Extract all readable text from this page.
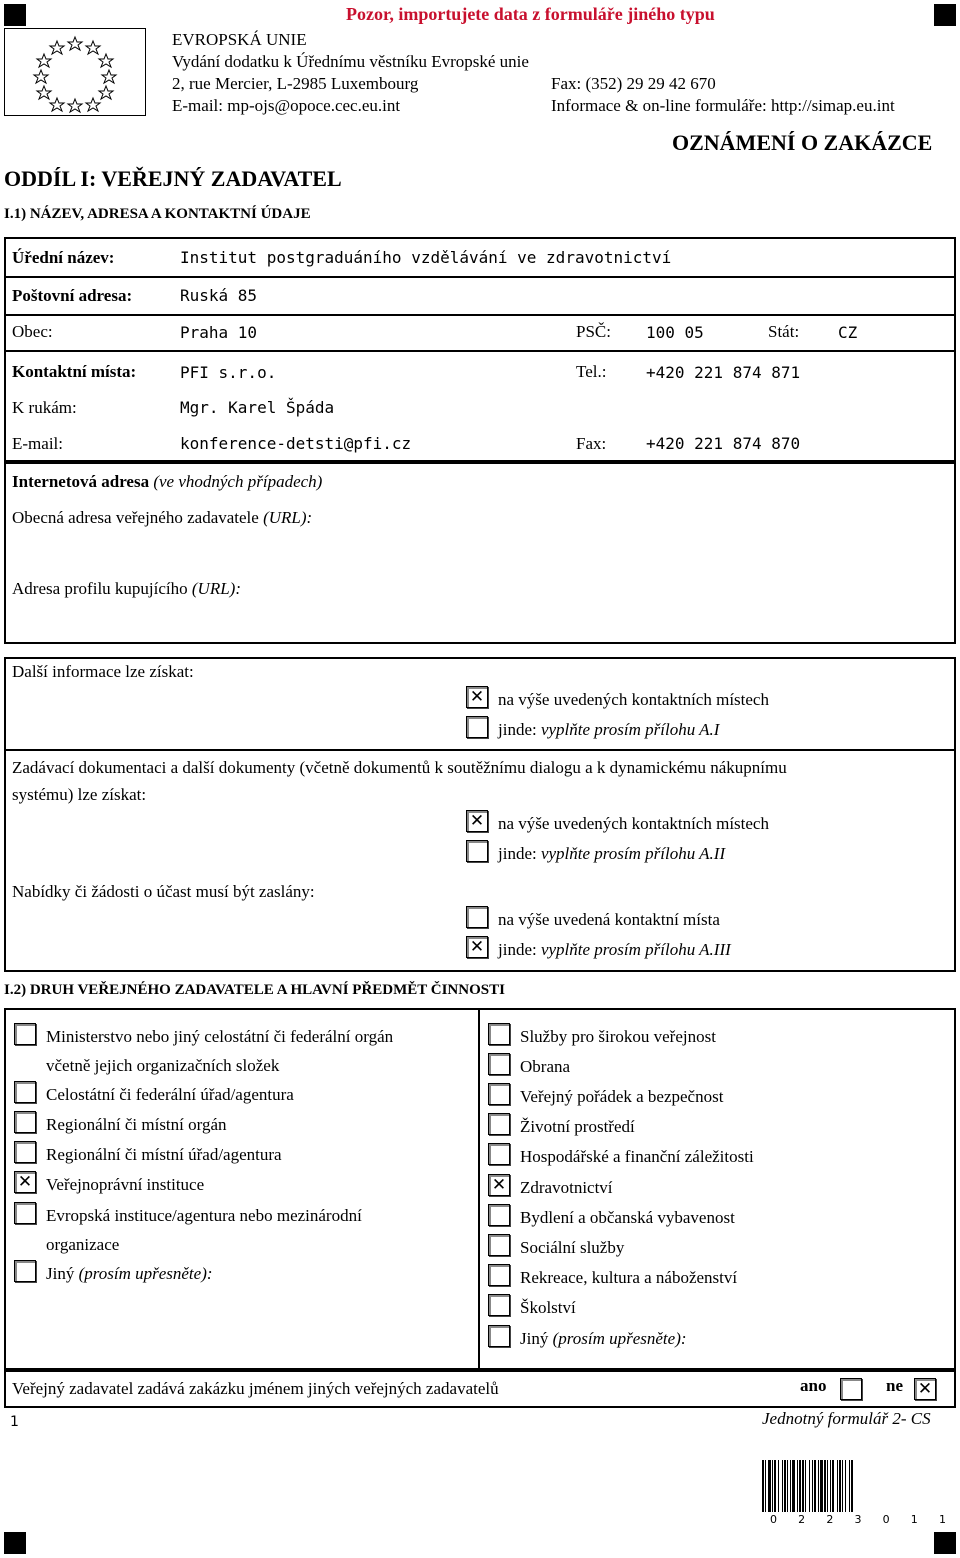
Pozor, importujete data z formuláře jiného typu
EVROPSKÁ UNIE
Vydání dodatku k Úřednímu věstníku Evropské unie
2, rue Mercier, L-2985 Luxembourg	Fax: (352) 29 29 42 670
E-mail: mp-ojs@opoce.cec.eu.int	Informace & on-line formuláře: http://simap.eu.int
OZNÁMENÍ O ZAKÁZCE
ODDÍL I: VEŘEJNÝ ZADAVATEL
I.1) NÁZEV, ADRESA A KONTAKTNÍ ÚDAJE
Úřední název:	Institut postgraduáního vzdělávání ve zdravotnictví
Poštovní adresa:	Ruská 85
Obec:	Praha 10	PSČ: 100 05	Stát: CZ
Kontaktní místa:	PFI s.r.o.	Tel.: +420 221 874 871
K rukám:	Mgr. Karel Špáda
E-mail:	konference-detsti@pfi.cz	Fax: +420 221 874 870
Internetová adresa (ve vhodných případech)
Obecná adresa veřejného zadavatele (URL):
Adresa profilu kupujícího (URL):
Další informace lze získat:
✕ na výše uvedených kontaktních místech
jinde: vyplňte prosím přílohu A.I
Zadávací dokumentaci a další dokumenty (včetně dokumentů k soutěžnímu dialogu a k dynamickému nákupnímu
systému) lze získat:
✕ na výše uvedených kontaktních místech
jinde: vyplňte prosím přílohu A.II
Nabídky či žádosti o účast musí být zaslány:
na výše uvedená kontaktní místa
✕ jinde: vyplňte prosím přílohu A.III
I.2) DRUH VEŘEJNÉHO ZADAVATELE A HLAVNÍ PŘEDMĚT ČINNOSTI
Ministerstvo nebo jiný celostátní či federální orgán
včetně jejich organizačních složek
Celostátní či federální úřad/agentura
Regionální či místní orgán
Regionální či místní úřad/agentura
✕ Veřejnoprávní instituce
Evropská instituce/agentura nebo mezinárodní
organizace
Jiný (prosím upřesněte):
Služby pro širokou veřejnost
Obrana
Veřejný pořádek a bezpečnost
Životní prostředí
Hospodářské a finanční záležitosti
✕ Zdravotnictví
Bydlení a občanská vybavenost
Sociální služby
Rekreace, kultura a náboženství
Školství
Jiný (prosím upřesněte):
Veřejný zadavatel zadává zakázku jménem jiných veřejných zadavatelů	ano	ne ✕
1	Jednotný formulář 2- CS
0 2 2 3 0 1 1
